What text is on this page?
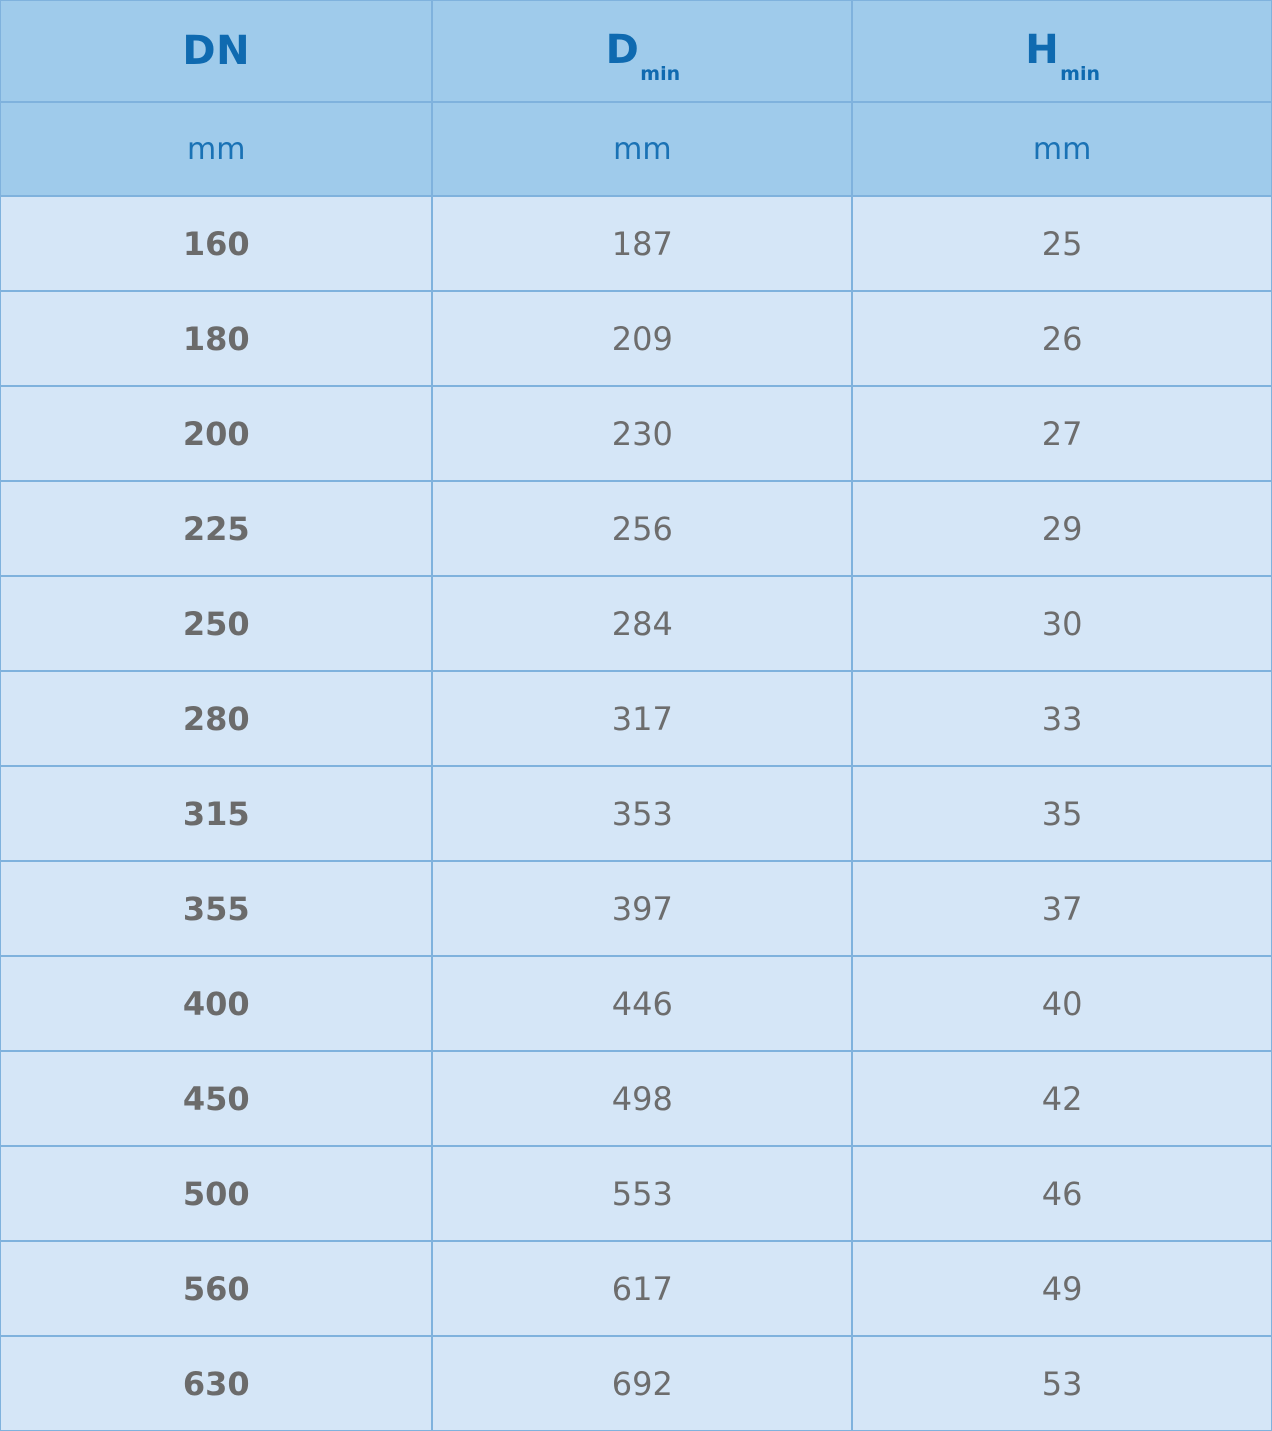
DN	$D_{min}$	$H_{min}$
mm	mm	mm
160	187	25
180	209	26
200	230	27
225	256	29
250	284	30
280	317	33
315	353	35
355	397	37
400	446	40
450	498	42
500	553	46
560	617	49
630	692	53
